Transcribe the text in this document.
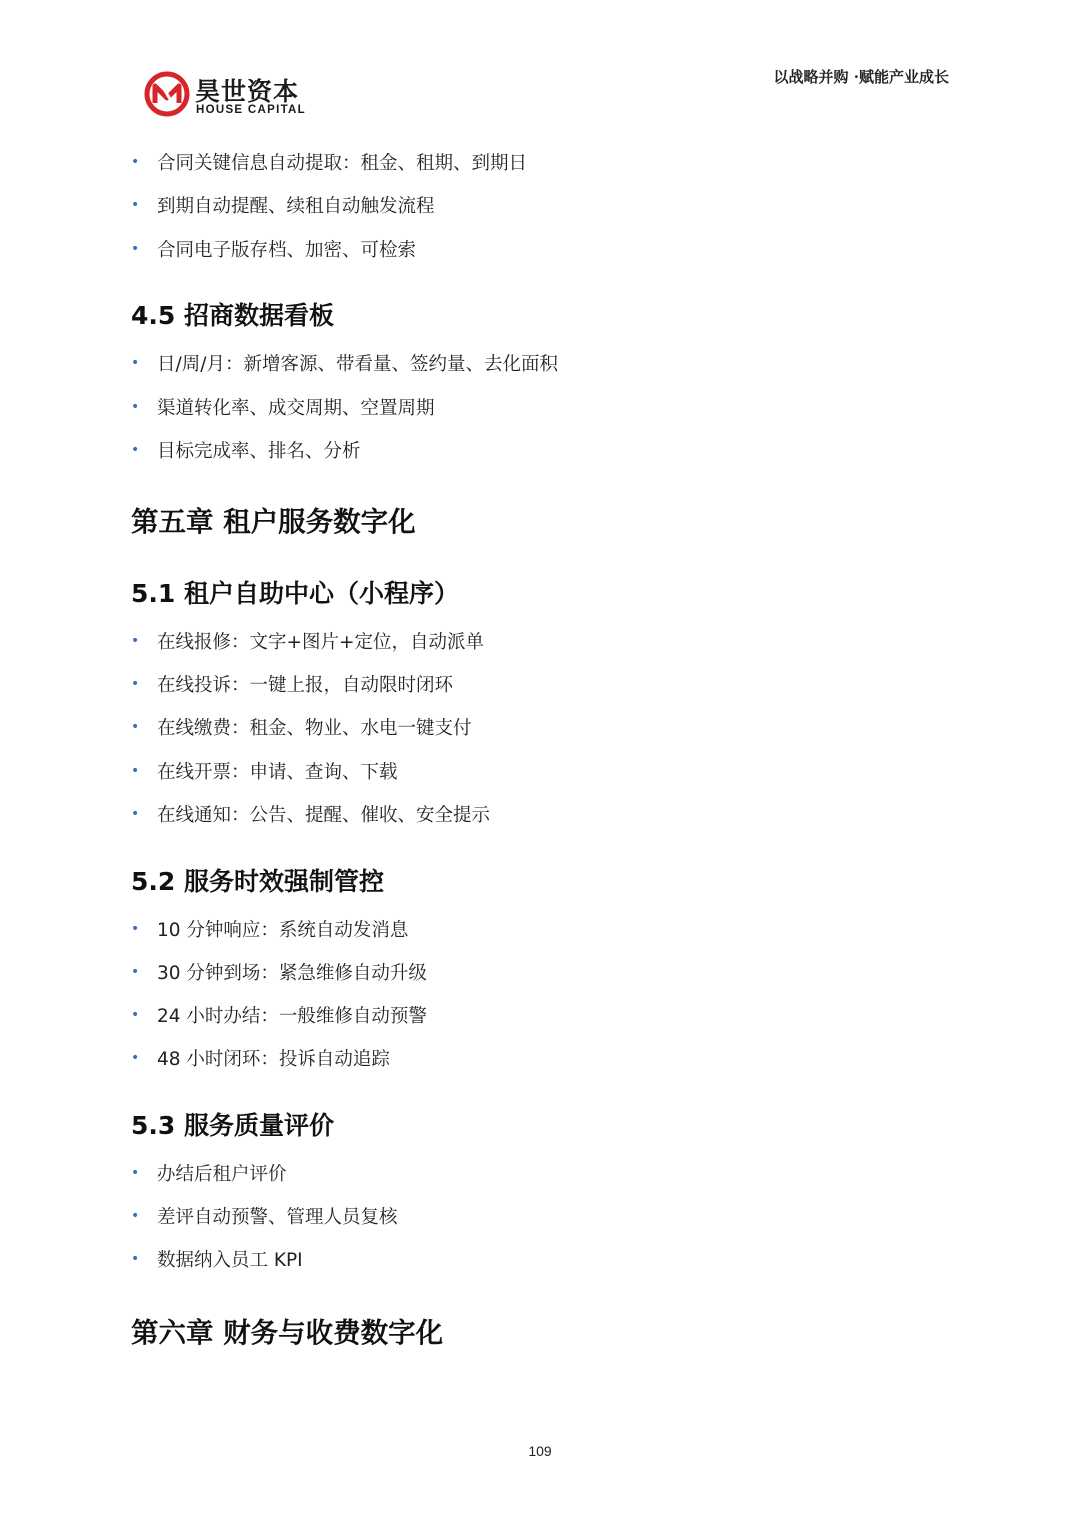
昊世资本
HOUSE CAPITAL
以战略并购 ·赋能产业成长
• 合同关键信息自动提取：租金、租期、到期日
• 到期自动提醒、续租自动触发流程
• 合同电子版存档、加密、可检索
4.5 招商数据看板
• 日/周/月：新增客源、带看量、签约量、去化面积
• 渠道转化率、成交周期、空置周期
• 目标完成率、排名、分析
第五章 租户服务数字化
5.1 租户自助中心（小程序）
• 在线报修：文字+图片+定位，自动派单
• 在线投诉：一键上报，自动限时闭环
• 在线缴费：租金、物业、水电一键支付
• 在线开票：申请、查询、下载
• 在线通知：公告、提醒、催收、安全提示
5.2 服务时效强制管控
• 10 分钟响应：系统自动发消息
• 30 分钟到场：紧急维修自动升级
• 24 小时办结：一般维修自动预警
• 48 小时闭环：投诉自动追踪
5.3 服务质量评价
• 办结后租户评价
• 差评自动预警、管理人员复核
• 数据纳入员工 KPI
第六章 财务与收费数字化
109
